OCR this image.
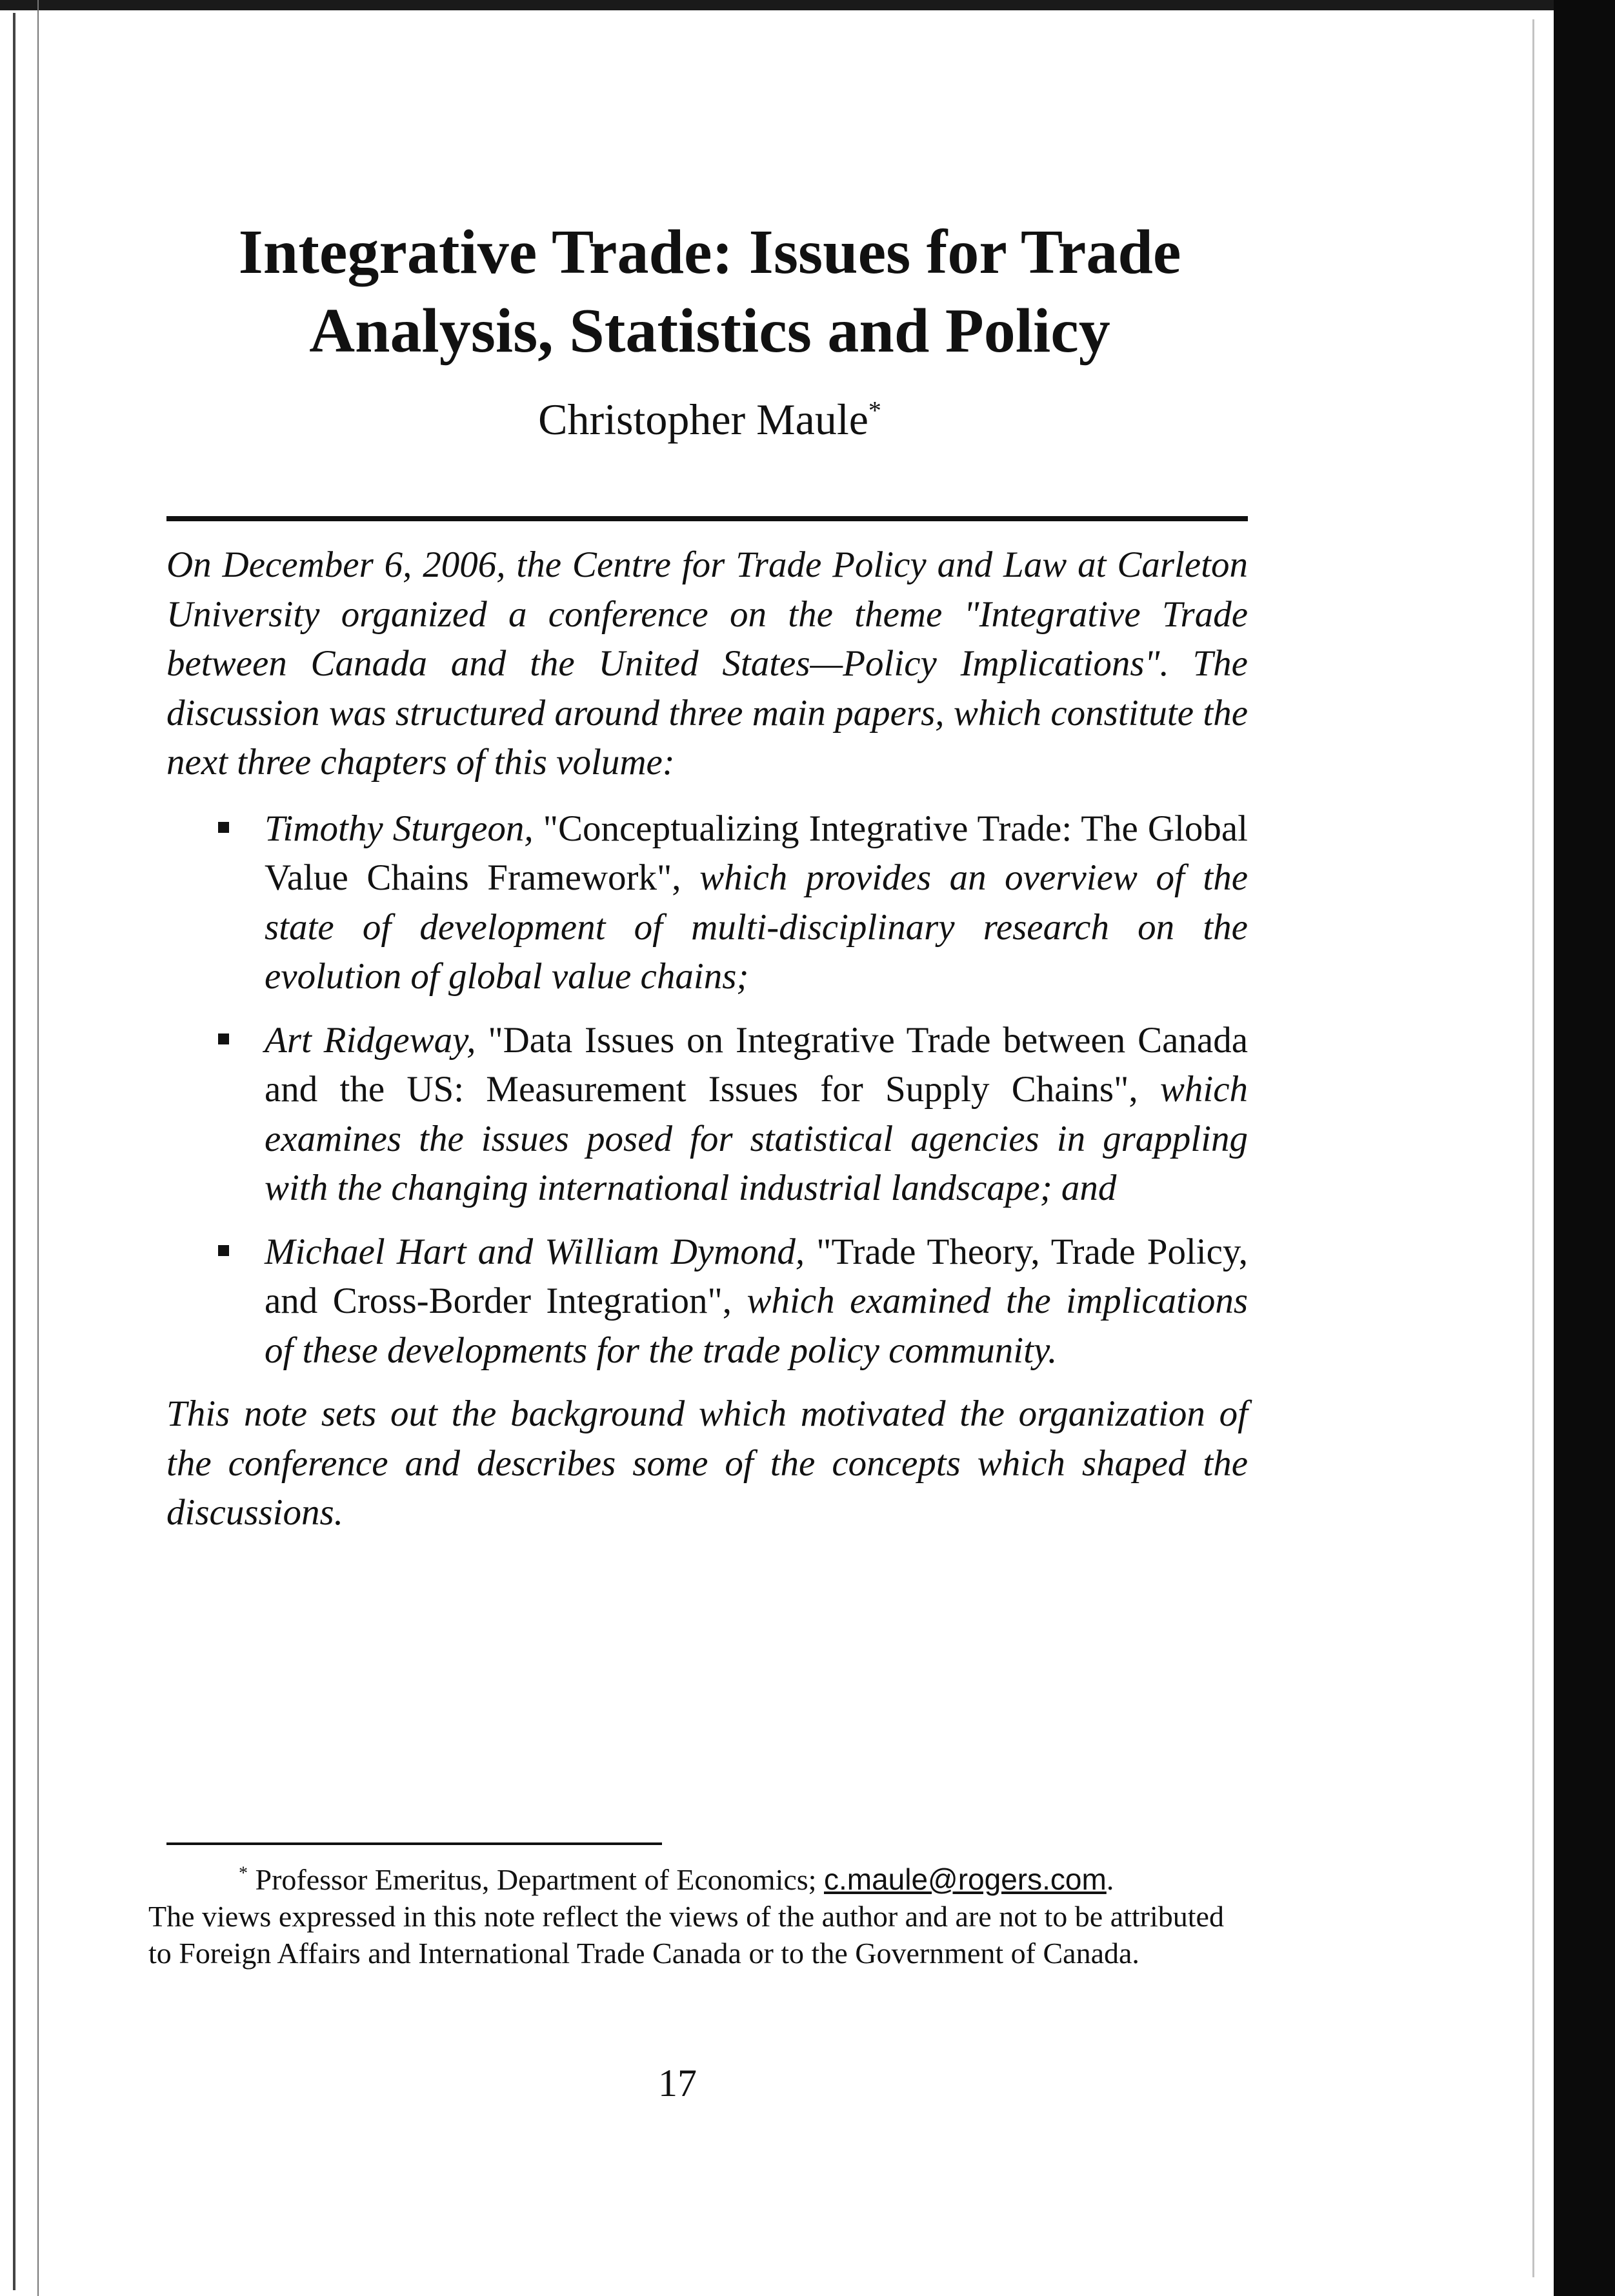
Integrative Trade: Issues for Trade
Analysis, Statistics and Policy
Christopher Maule*

On December 6, 2006, the Centre for Trade Policy and Law at Carleton University organized a conference on the theme "Integrative Trade between Canada and the United States—Policy Implications". The discussion was structured around three main papers, which constitute the next three chapters of this volume:

Timothy Sturgeon, "Conceptualizing Integrative Trade: The Global Value Chains Framework", which provides an overview of the state of development of multi-disciplinary research on the evolution of global value chains;
Art Ridgeway, "Data Issues on Integrative Trade between Canada and the US: Measurement Issues for Supply Chains", which examines the issues posed for statistical agencies in grappling with the changing international industrial landscape; and
Michael Hart and William Dymond, "Trade Theory, Trade Policy, and Cross-Border Integration", which examined the implications of these developments for the trade policy community.

This note sets out the background which motivated the organization of the conference and describes some of the concepts which shaped the discussions.

* Professor Emeritus, Department of Economics; c.maule@rogers.com.

The views expressed in this note reflect the views of the author and are not to be attributed to Foreign Affairs and International Trade Canada or to the Government of Canada.

17
